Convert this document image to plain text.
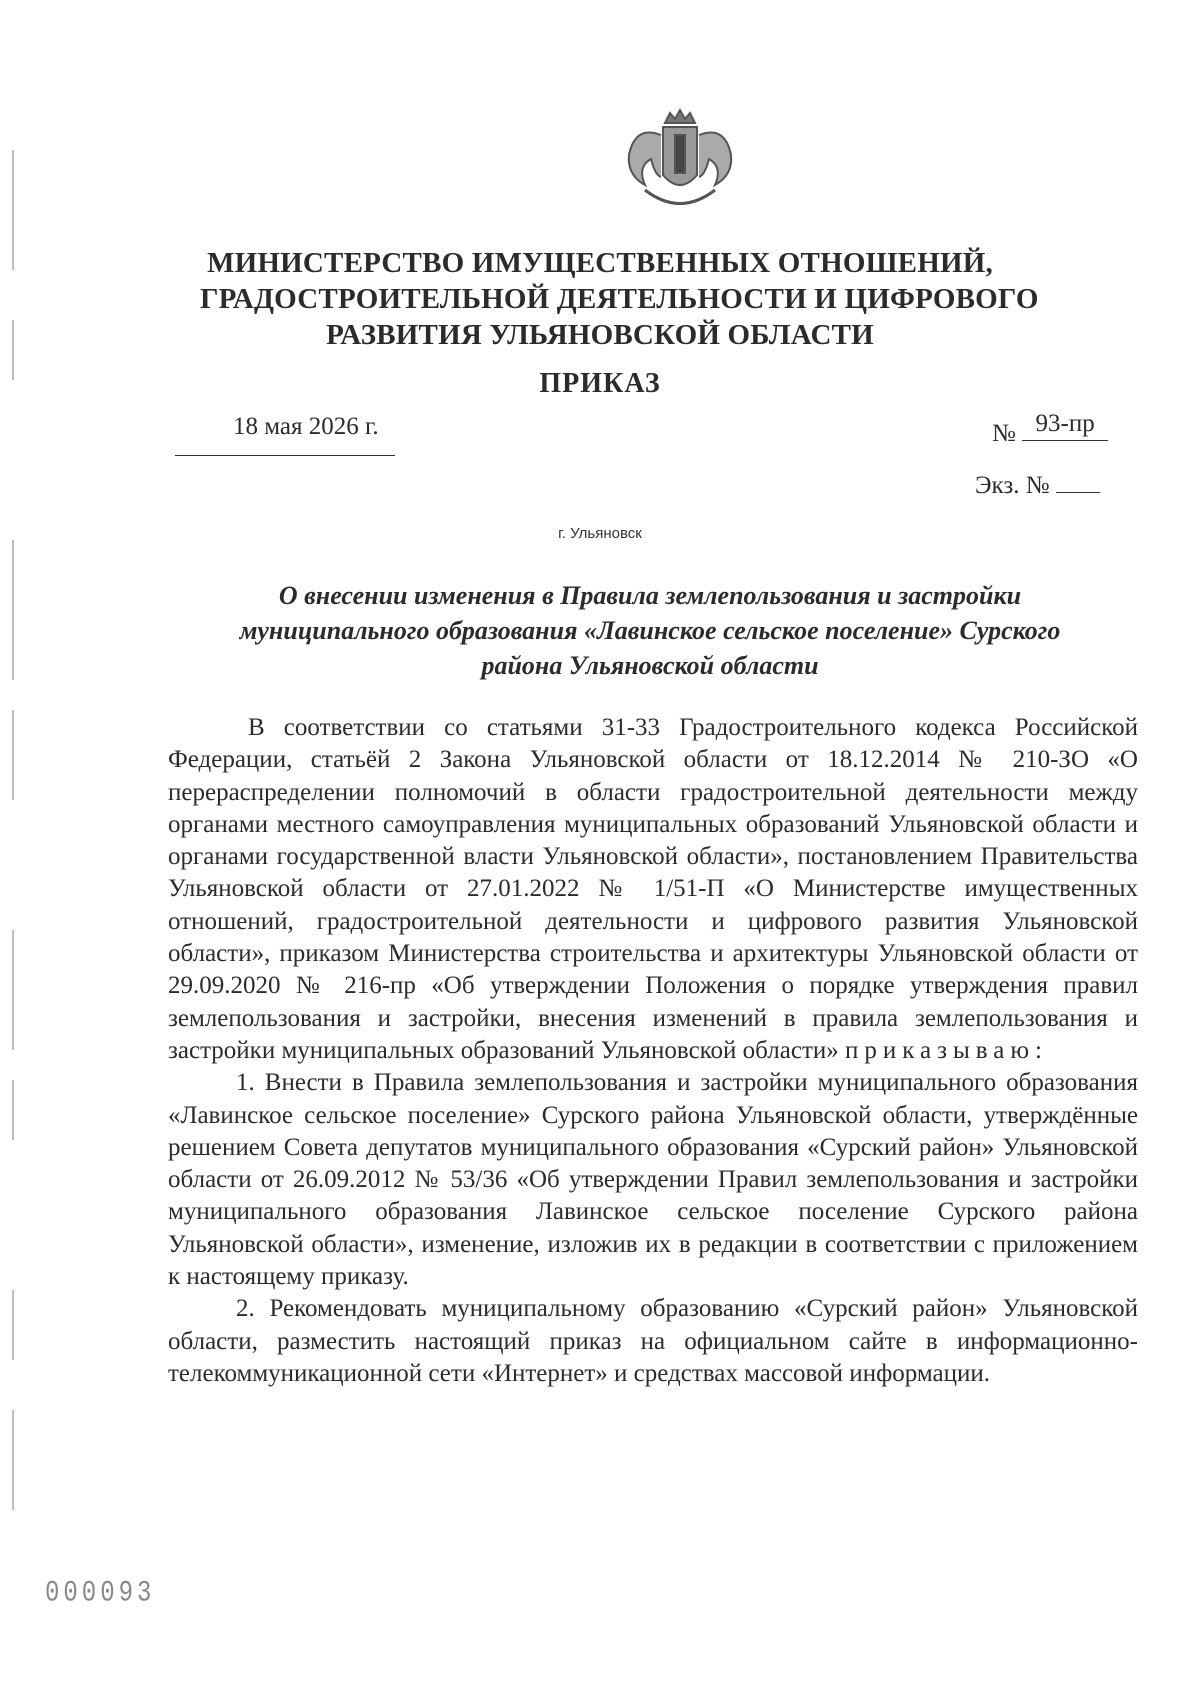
МИНИСТЕРСТВО ИМУЩЕСТВЕННЫХ ОТНОШЕНИЙ,
ГРАДОСТРОИТЕЛЬНОЙ ДЕЯТЕЛЬНОСТИ И ЦИФРОВОГО
РАЗВИТИЯ УЛЬЯНОВСКОЙ ОБЛАСТИ
ПРИКАЗ
18 мая 2026 г.	№ 93-пр
Экз. №
г. Ульяновск
О внесении изменения в Правила землепользования и застройки
муниципального образования «Лавинское сельское поселение» Сурского
района Ульяновской области

В соответствии со статьями 31-33 Градостроительного кодекса Российской Федерации, статьёй 2 Закона Ульяновской области от 18.12.2014 № 210-ЗО «О перераспределении полномочий в области градостроительной деятельности между органами местного самоуправления муниципальных образований Ульяновской области и органами государственной власти Ульяновской области», постановлением Правительства Ульяновской области от 27.01.2022 № 1/51-П «О Министерстве имущественных отношений, градостроительной деятельности и цифрового развития Ульяновской области», приказом Министерства строительства и архитектуры Ульяновской области от 29.09.2020 № 216-пр «Об утверждении Положения о порядке утверждения правил землепользования и застройки, внесения изменений в правила землепользования и застройки муниципальных образований Ульяновской области» приказываю:

1. Внести в Правила землепользования и застройки муниципального образования «Лавинское сельское поселение» Сурского района Ульяновской области, утверждённые решением Совета депутатов муниципального образования «Сурский район» Ульяновской области от 26.09.2012 № 53/36 «Об утверждении Правил землепользования и застройки муниципального образования Лавинское сельское поселение Сурского района Ульяновской области», изменение, изложив их в редакции в соответствии с приложением к настоящему приказу.

2. Рекомендовать муниципальному образованию «Сурский район» Ульяновской области, разместить настоящий приказ на официальном сайте в информационно-телекоммуникационной сети «Интернет» и средствах массовой информации.

000093
